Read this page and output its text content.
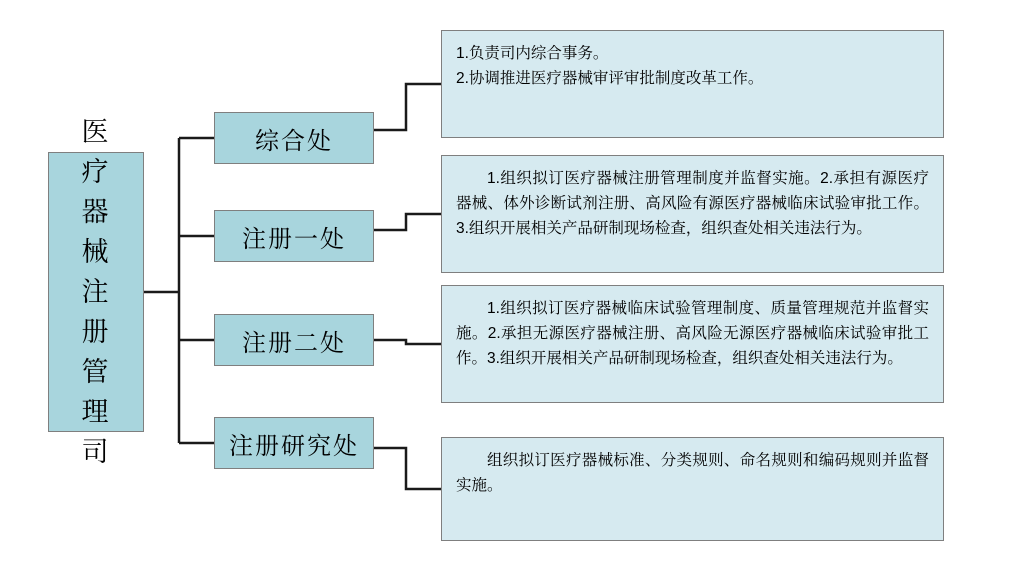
医疗器械注册管理司
综合处
注册一处
注册二处
注册研究处

1.负责司内综合事务。

2.协调推进医疗器械审评审批制度改革工作。

1.组织拟订医疗器械注册管理制度并监督实施。2.承担有源医疗器械、体外诊断试剂注册、高风险有源医疗器械临床试验审批工作。3.组织开展相关产品研制现场检查，组织查处相关违法行为。

1.组织拟订医疗器械临床试验管理制度、质量管理规范并监督实施。2.承担无源医疗器械注册、高风险无源医疗器械临床试验审批工作。3.组织开展相关产品研制现场检查，组织查处相关违法行为。

组织拟订医疗器械标准、分类规则、命名规则和编码规则并监督实施。
